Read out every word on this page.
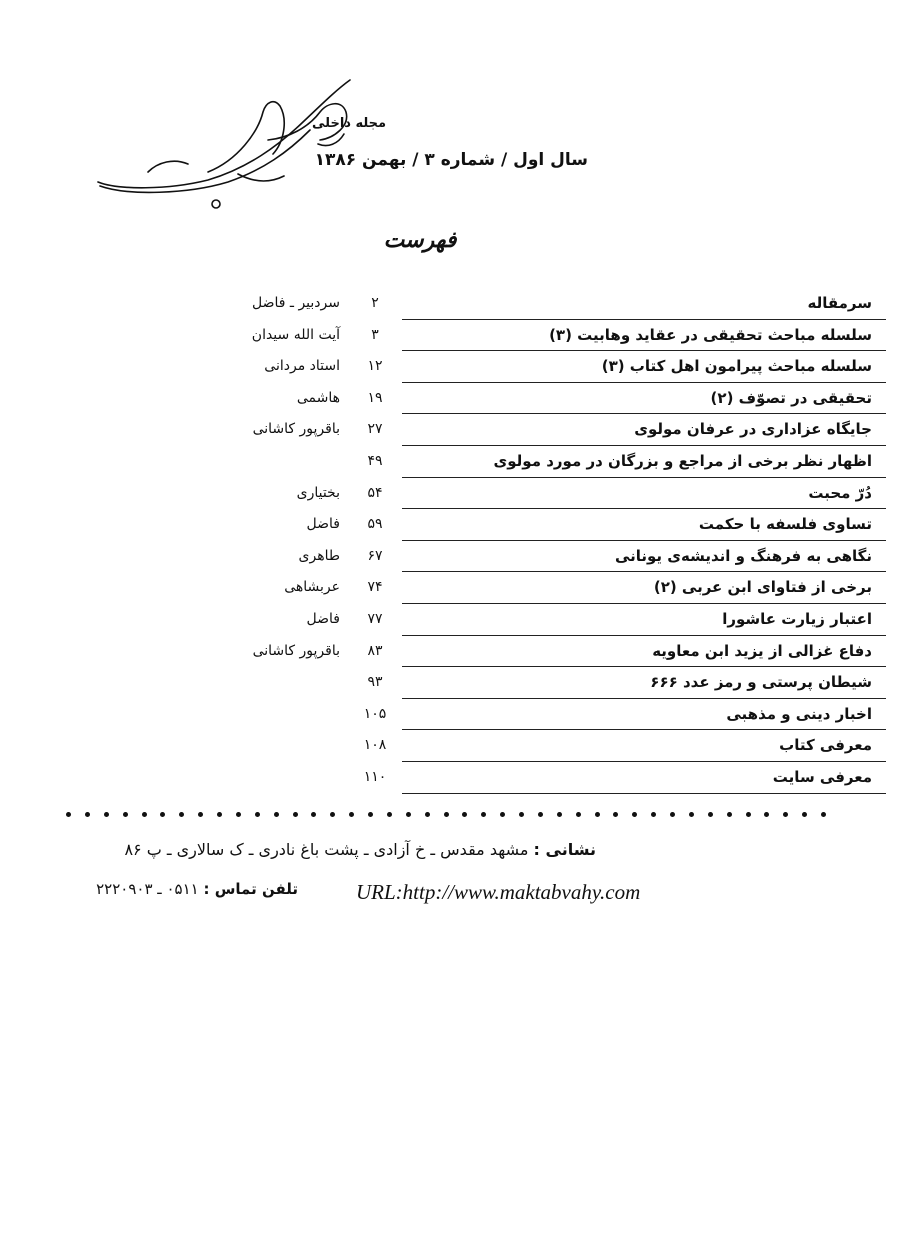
مجله داخلی
سال اول / شماره ۳ / بهمن ۱۳۸۶
فهرست
سرمقاله
۲
سردبیر ـ فاضل
سلسله مباحث تحقیقی در عقاید وهابیت (۳)
۳
آیت الله سیدان
سلسله مباحث پیرامون اهل کتاب (۳)
۱۲
استاد مردانی
تحقیقی در تصوّف (۲)
۱۹
هاشمی
جایگاه عزاداری در عرفان مولوی
۲۷
باقرپور کاشانی
اظهار نظر برخی از مراجع و بزرگان در مورد مولوی
۴۹
دُرّ محبت
۵۴
بختیاری
تساوی فلسفه با حکمت
۵۹
فاضل
نگاهی به فرهنگ و اندیشه‌ی یونانی
۶۷
طاهری
برخی از فتاوای ابن عربی (۲)
۷۴
عربشاهی
اعتبار زیارت عاشورا
۷۷
فاضل
دفاع غزالی از یزید ابن معاویه
۸۳
باقرپور کاشانی
شیطان پرستی و رمز عدد ۶۶۶
۹۳
اخبار دینی و مذهبی
۱۰۵
معرفی کتاب
۱۰۸
معرفی سایت
۱۱۰
نشانی : مشهد مقدس ـ خ آزادی ـ پشت باغ نادری ـ ک سالاری ـ پ ۸۶
URL:http://www.maktabvahy.com
تلفن تماس : ۰۵۱۱ ـ ۲۲۲۰۹۰۳
